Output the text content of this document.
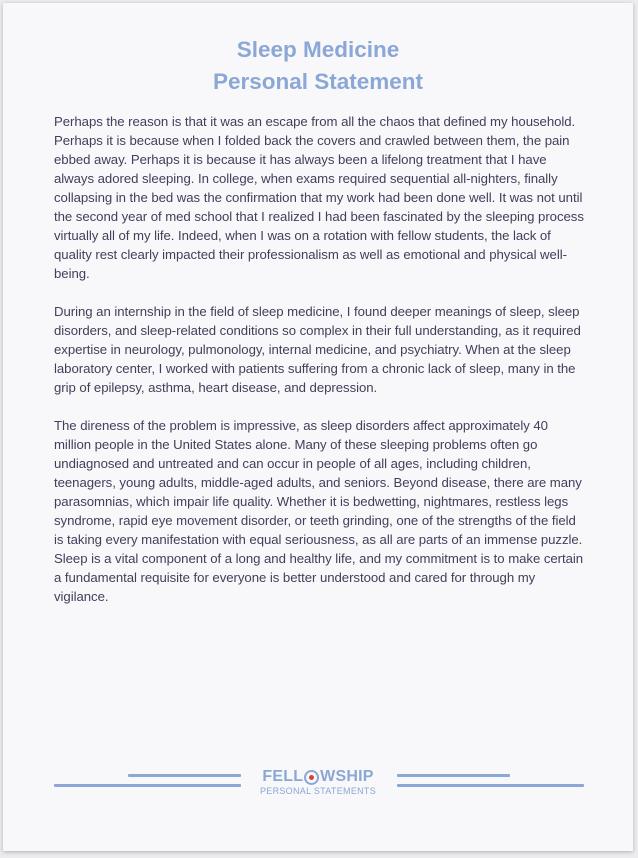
Sleep Medicine
Personal Statement

Perhaps the reason is that it was an escape from all the chaos that defined my household. Perhaps it is because when I folded back the covers and crawled between them, the pain ebbed away. Perhaps it is because it has always been a lifelong treatment that I have always adored sleeping. In college, when exams required sequential all-nighters, finally collapsing in the bed was the confirmation that my work had been done well. It was not until the second year of med school that I realized I had been fascinated by the sleeping process virtually all of my life. Indeed, when I was on a rotation with fellow students, the lack of quality rest clearly impacted their professionalism as well as emotional and physical well-being.

During an internship in the field of sleep medicine, I found deeper meanings of sleep, sleep disorders, and sleep-related conditions so complex in their full understanding, as it required expertise in neurology, pulmonology, internal medicine, and psychiatry. When at the sleep laboratory center, I worked with patients suffering from a chronic lack of sleep, many in the grip of epilepsy, asthma, heart disease, and depression.

The direness of the problem is impressive, as sleep disorders affect approximately 40 million people in the United States alone. Many of these sleeping problems often go undiagnosed and untreated and can occur in people of all ages, including children, teenagers, young adults, middle-aged adults, and seniors. Beyond disease, there are many parasomnias, which impair life quality. Whether it is bedwetting, nightmares, restless legs syndrome, rapid eye movement disorder, or teeth grinding, one of the strengths of the field is taking every manifestation with equal seriousness, as all are parts of an immense puzzle. Sleep is a vital component of a long and healthy life, and my commitment is to make certain a fundamental requisite for everyone is better understood and cared for through my vigilance.

FELL WSHIP
PERSONAL STATEMENTS
